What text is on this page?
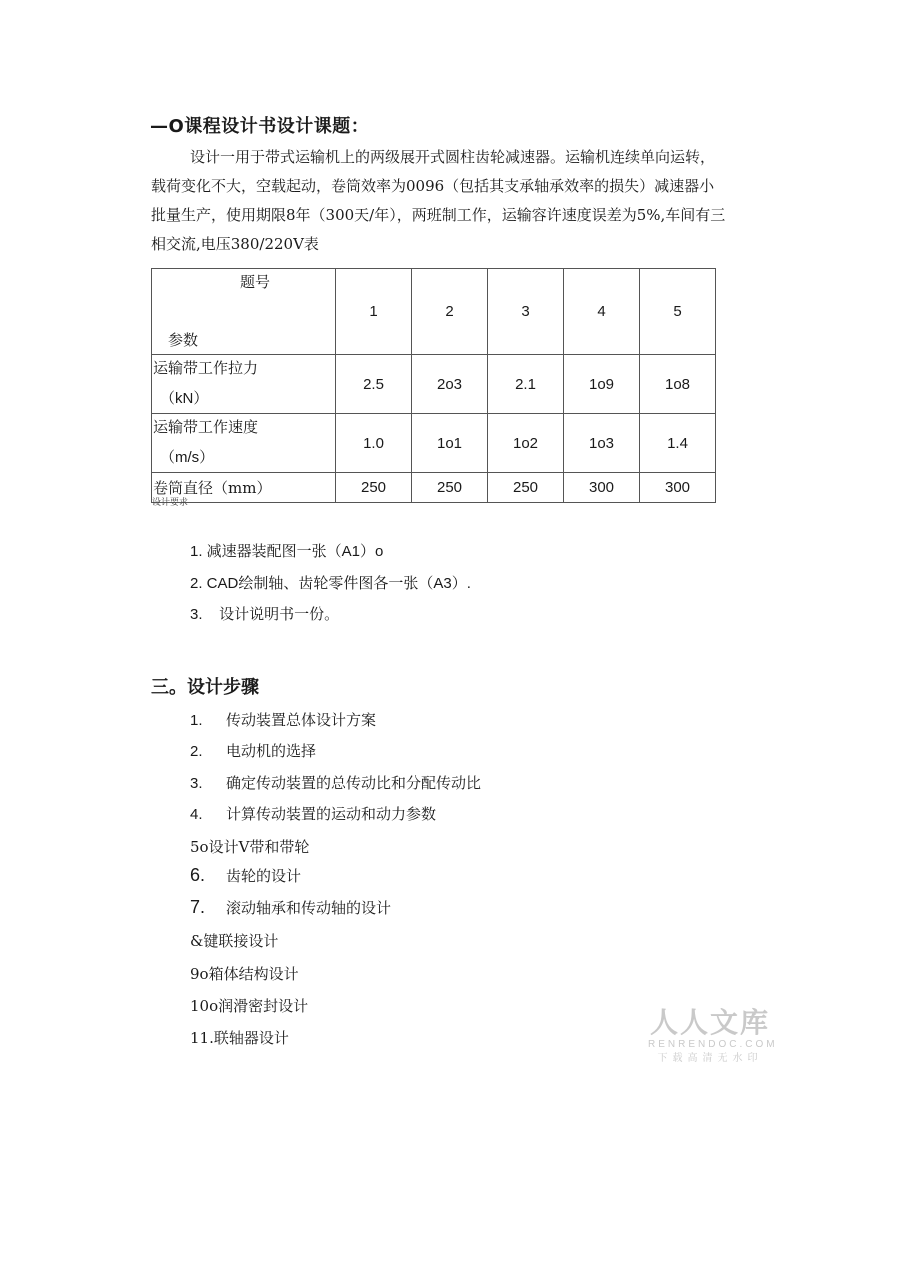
—O课程设计书设计课题：
设计一用于带式运输机上的两级展开式圆柱齿轮减速器。运输机连续单向运转，
载荷变化不大，空载起动，卷筒效率为0096（包括其支承轴承效率的损失）减速器小
批量生产，使用期限8年（300天/年），两班制工作，运输容许速度误差为5%,车间有三
相交流,电压380/220V表
题号
参数	1	2	3	4	5

运输带工作拉力
（kN）	2.5	2o3	2.1	1o9	1o8

运输带工作速度
（m/s）	1.0	1o1	1o2	1o3	1.4
卷筒直径（mm）	250	250	250	300	300
设计要求
1. 减速器装配图一张（A1）o
2. CAD绘制轴、齿轮零件图各一张（A3）.
3.    设计说明书一份。
三。设计步骤
1. 传动装置总体设计方案
2. 电动机的选择
3. 确定传动装置的总传动比和分配传动比
4. 计算传动装置的运动和动力参数
5o设计V带和带轮
6. 齿轮的设计
7. 滚动轴承和传动轴的设计
&键联接设计
9o箱体结构设计
10o润滑密封设计
11.联轴器设计	人人文库
RENRENDOC.COM
下载高清无水印
